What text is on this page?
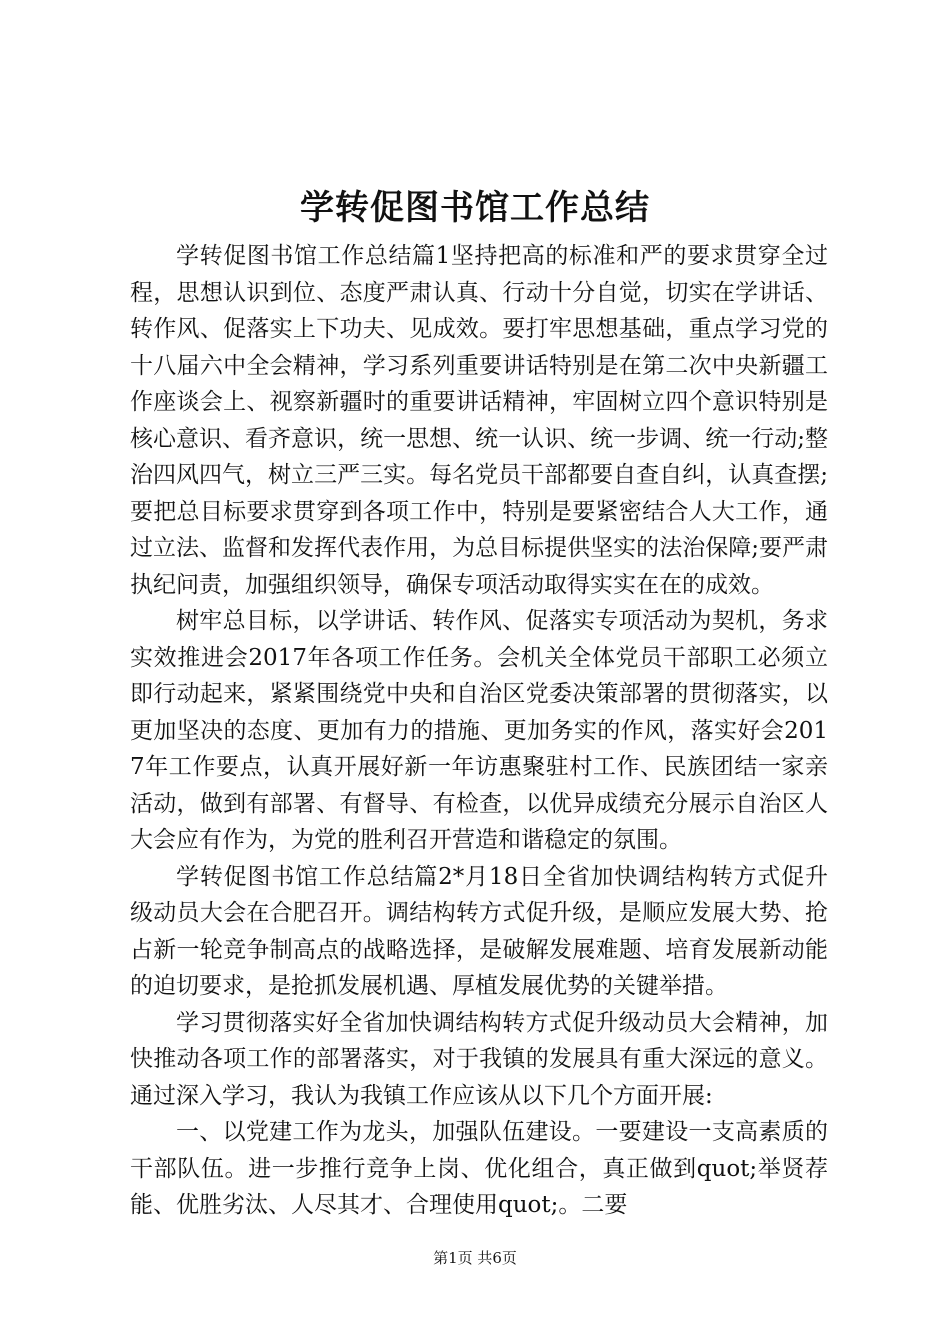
学转促图书馆工作总结

学转促图书馆工作总结篇1坚持把高的标准和严的要求贯穿全过程，思想认识到位、态度严肃认真、行动十分自觉，切实在学讲话、转作风、促落实上下功夫、见成效。要打牢思想基础，重点学习党的十八届六中全会精神，学习系列重要讲话特别是在第二次中央新疆工作座谈会上、视察新疆时的重要讲话精神，牢固树立四个意识特别是核心意识、看齐意识，统一思想、统一认识、统一步调、统一行动;整治四风四气，树立三严三实。每名党员干部都要自查自纠，认真查摆;要把总目标要求贯穿到各项工作中，特别是要紧密结合人大工作，通过立法、监督和发挥代表作用，为总目标提供坚实的法治保障;要严肃执纪问责，加强组织领导，确保专项活动取得实实在在的成效。

树牢总目标，以学讲话、转作风、促落实专项活动为契机，务求实效推进会2017年各项工作任务。会机关全体党员干部职工必须立即行动起来，紧紧围绕党中央和自治区党委决策部署的贯彻落实，以更加坚决的态度、更加有力的措施、更加务实的作风，落实好会2017年工作要点，认真开展好新一年访惠聚驻村工作、民族团结一家亲活动，做到有部署、有督导、有检查，以优异成绩充分展示自治区人大会应有作为，为党的胜利召开营造和谐稳定的氛围。

学转促图书馆工作总结篇2*月18日全省加快调结构转方式促升级动员大会在合肥召开。调结构转方式促升级，是顺应发展大势、抢占新一轮竞争制高点的战略选择，是破解发展难题、培育发展新动能的迫切要求，是抢抓发展机遇、厚植发展优势的关键举措。

学习贯彻落实好全省加快调结构转方式促升级动员大会精神，加快推动各项工作的部署落实，对于我镇的发展具有重大深远的意义。通过深入学习，我认为我镇工作应该从以下几个方面开展:

一、以党建工作为龙头，加强队伍建设。一要建设一支高素质的干部队伍。进一步推行竞争上岗、优化组合，真正做到quot;举贤荐能、优胜劣汰、人尽其才、合理使用quot;。二要

第1页 共6页
